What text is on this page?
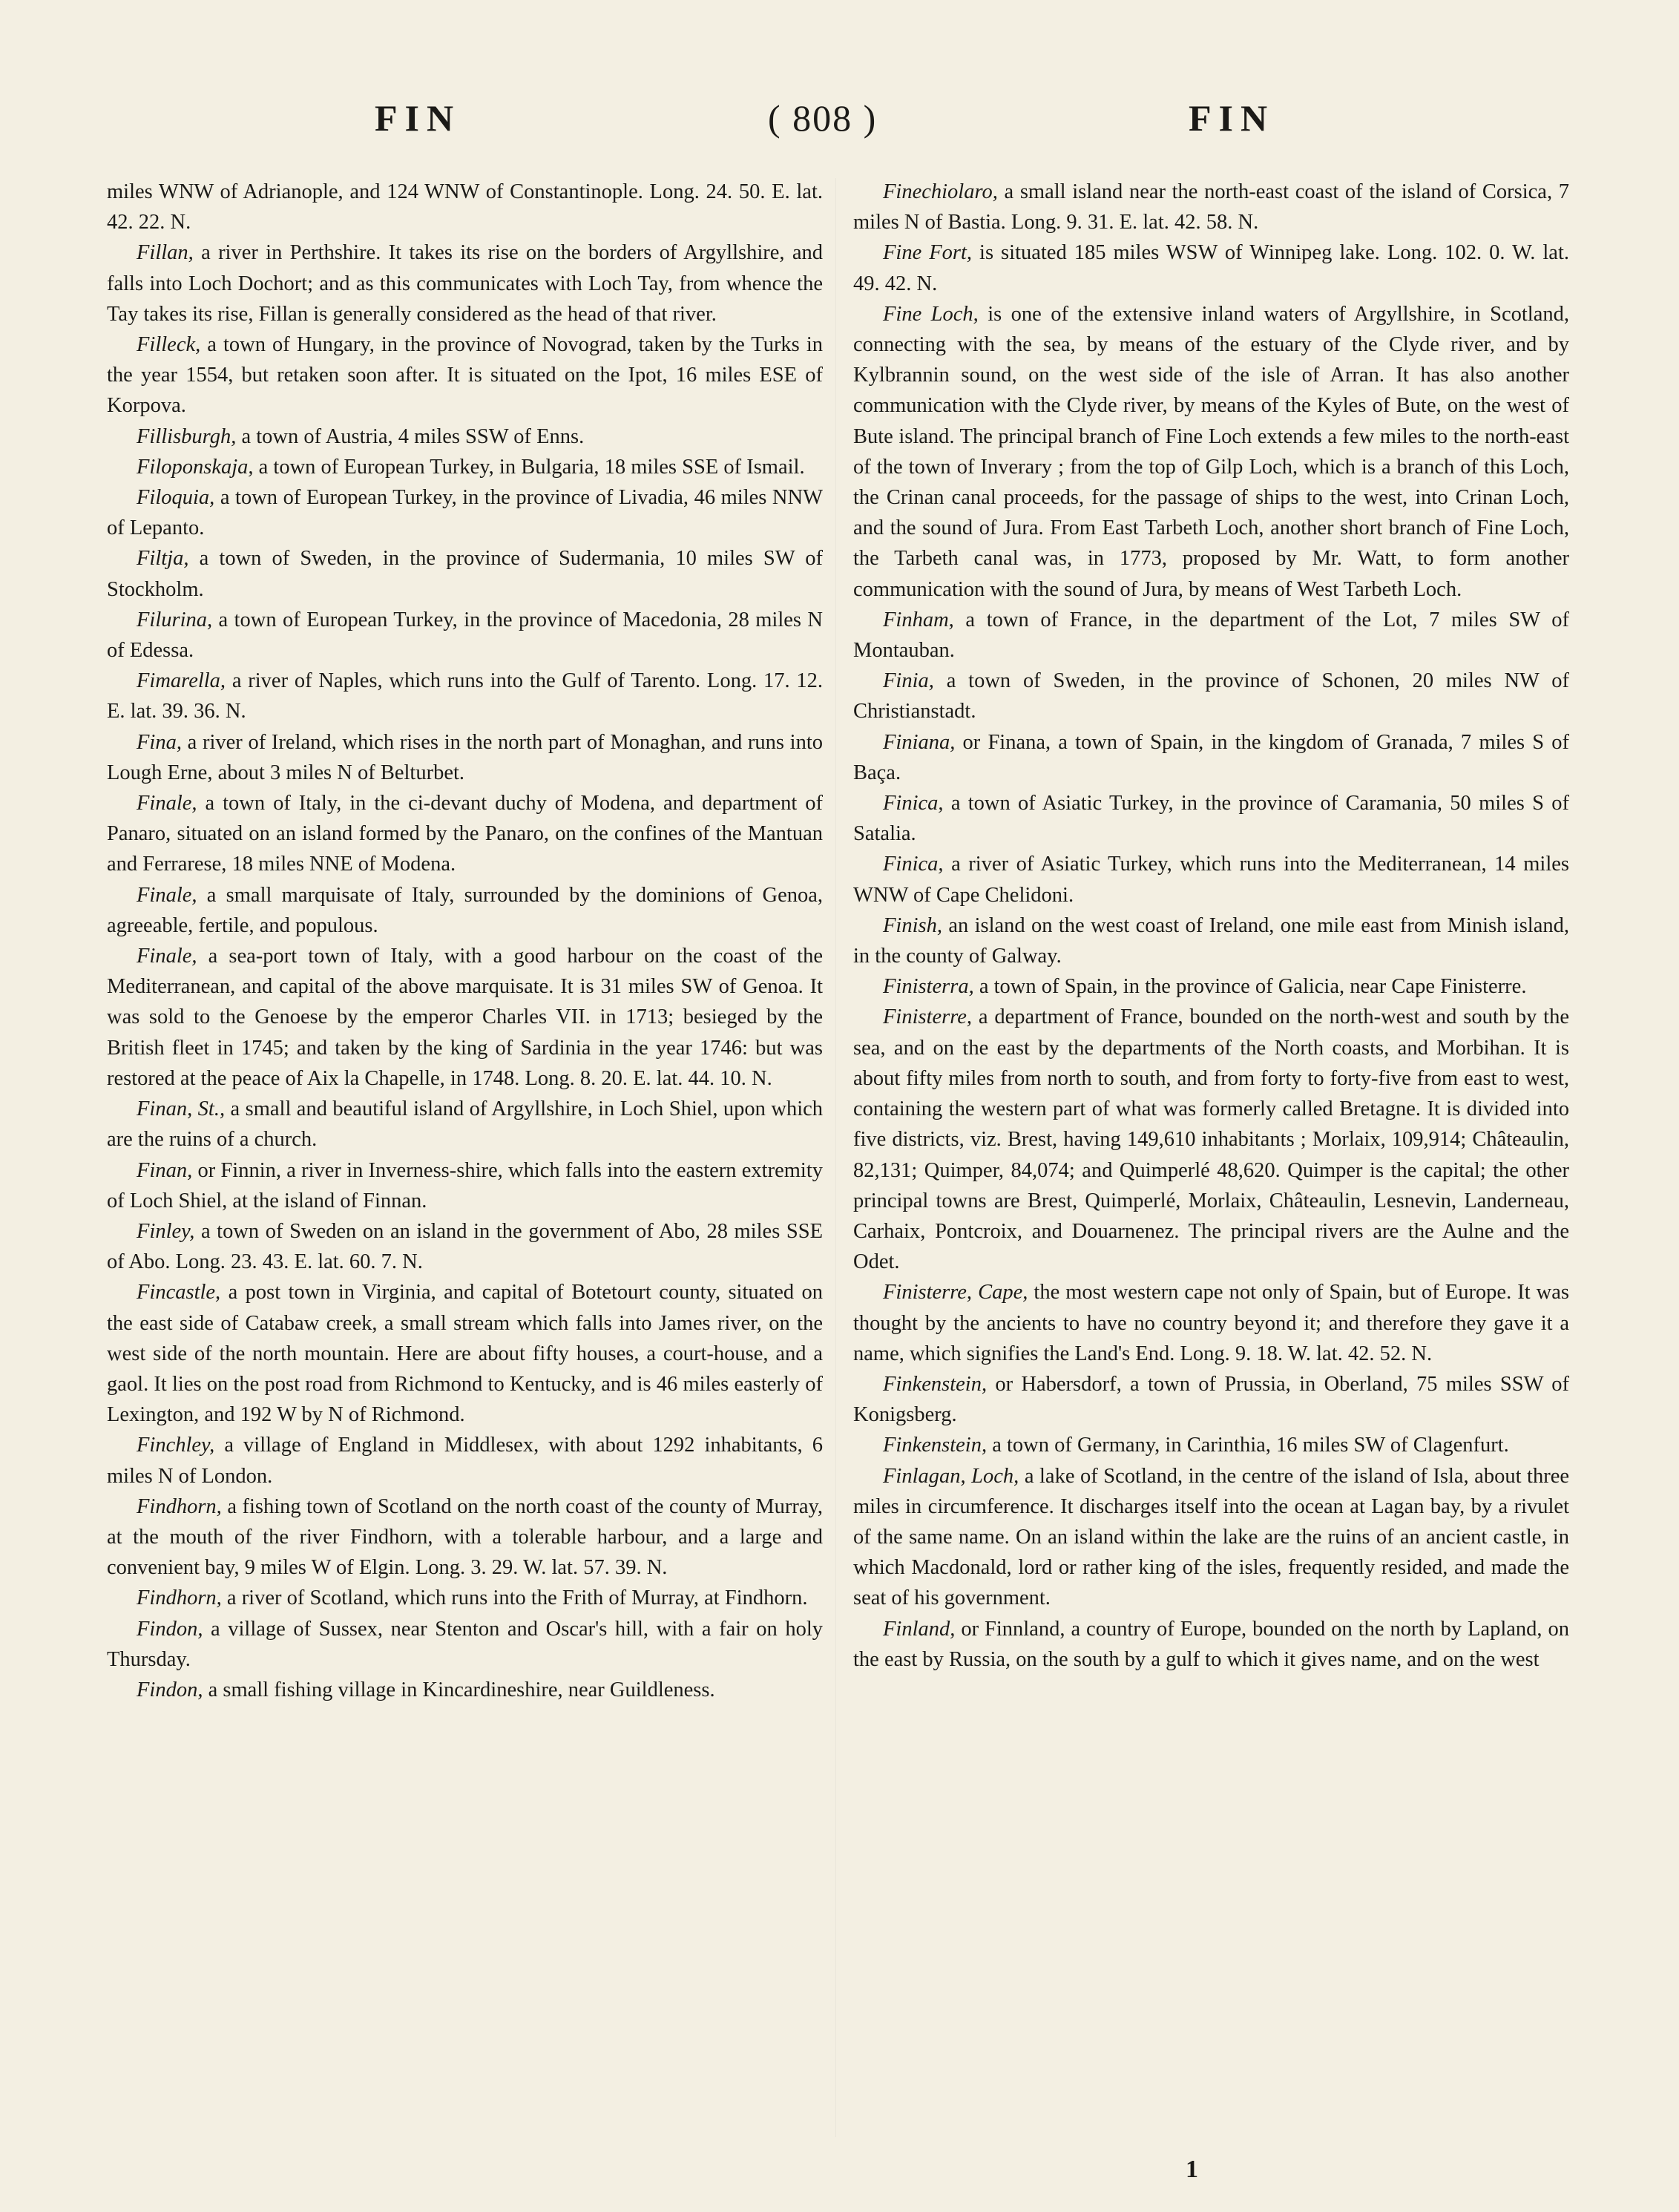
FIN	( 808 )	FIN

miles WNW of Adrianople, and 124 WNW of Constantinople. Long. 24. 50. E. lat. 42. 22. N.

Fillan, a river in Perthshire. It takes its rise on the borders of Argyllshire, and falls into Loch Dochort; and as this communicates with Loch Tay, from whence the Tay takes its rise, Fillan is generally considered as the head of that river.

Filleck, a town of Hungary, in the province of Novograd, taken by the Turks in the year 1554, but retaken soon after. It is situated on the Ipot, 16 miles ESE of Korpova.

Fillisburgh, a town of Austria, 4 miles SSW of Enns.

Filoponskaja, a town of European Turkey, in Bulgaria, 18 miles SSE of Ismail.

Filoquia, a town of European Turkey, in the province of Livadia, 46 miles NNW of Lepanto.

Filtja, a town of Sweden, in the province of Sudermania, 10 miles SW of Stockholm.

Filurina, a town of European Turkey, in the province of Macedonia, 28 miles N of Edessa.

Fimarella, a river of Naples, which runs into the Gulf of Tarento. Long. 17. 12. E. lat. 39. 36. N.

Fina, a river of Ireland, which rises in the north part of Monaghan, and runs into Lough Erne, about 3 miles N of Belturbet.

Finale, a town of Italy, in the ci-devant duchy of Modena, and department of Panaro, situated on an island formed by the Panaro, on the confines of the Mantuan and Ferrarese, 18 miles NNE of Modena.

Finale, a small marquisate of Italy, surrounded by the dominions of Genoa, agreeable, fertile, and populous.

Finale, a sea-port town of Italy, with a good harbour on the coast of the Mediterranean, and capital of the above marquisate. It is 31 miles SW of Genoa. It was sold to the Genoese by the emperor Charles VII. in 1713; besieged by the British fleet in 1745; and taken by the king of Sardinia in the year 1746: but was restored at the peace of Aix la Chapelle, in 1748. Long. 8. 20. E. lat. 44. 10. N.

Finan, St., a small and beautiful island of Argyllshire, in Loch Shiel, upon which are the ruins of a church.

Finan, or Finnin, a river in Inverness-shire, which falls into the eastern extremity of Loch Shiel, at the island of Finnan.

Finley, a town of Sweden on an island in the government of Abo, 28 miles SSE of Abo. Long. 23. 43. E. lat. 60. 7. N.

Fincastle, a post town in Virginia, and capital of Botetourt county, situated on the east side of Catabaw creek, a small stream which falls into James river, on the west side of the north mountain. Here are about fifty houses, a court-house, and a gaol. It lies on the post road from Richmond to Kentucky, and is 46 miles easterly of Lexington, and 192 W by N of Richmond.

Finchley, a village of England in Middlesex, with about 1292 inhabitants, 6 miles N of London.

Findhorn, a fishing town of Scotland on the north coast of the county of Murray, at the mouth of the river Findhorn, with a tolerable harbour, and a large and convenient bay, 9 miles W of Elgin. Long. 3. 29. W. lat. 57. 39. N.

Findhorn, a river of Scotland, which runs into the Frith of Murray, at Findhorn.

Findon, a village of Sussex, near Stenton and Oscar's hill, with a fair on holy Thursday.

Findon, a small fishing village in Kincardineshire, near Guildleness.

Finechiolaro, a small island near the north-east coast of the island of Corsica, 7 miles N of Bastia. Long. 9. 31. E. lat. 42. 58. N.

Fine Fort, is situated 185 miles WSW of Winnipeg lake. Long. 102. 0. W. lat. 49. 42. N.

Fine Loch, is one of the extensive inland waters of Argyllshire, in Scotland, connecting with the sea, by means of the estuary of the Clyde river, and by Kylbrannin sound, on the west side of the isle of Arran. It has also another communication with the Clyde river, by means of the Kyles of Bute, on the west of Bute island. The principal branch of Fine Loch extends a few miles to the north-east of the town of Inverary ; from the top of Gilp Loch, which is a branch of this Loch, the Crinan canal proceeds, for the passage of ships to the west, into Crinan Loch, and the sound of Jura. From East Tarbeth Loch, another short branch of Fine Loch, the Tarbeth canal was, in 1773, proposed by Mr. Watt, to form another communication with the sound of Jura, by means of West Tarbeth Loch.

Finham, a town of France, in the department of the Lot, 7 miles SW of Montauban.

Finia, a town of Sweden, in the province of Schonen, 20 miles NW of Christianstadt.

Finiana, or Finana, a town of Spain, in the kingdom of Granada, 7 miles S of Baça.

Finica, a town of Asiatic Turkey, in the province of Caramania, 50 miles S of Satalia.

Finica, a river of Asiatic Turkey, which runs into the Mediterranean, 14 miles WNW of Cape Chelidoni.

Finish, an island on the west coast of Ireland, one mile east from Minish island, in the county of Galway.

Finisterra, a town of Spain, in the province of Galicia, near Cape Finisterre.

Finisterre, a department of France, bounded on the north-west and south by the sea, and on the east by the departments of the North coasts, and Morbihan. It is about fifty miles from north to south, and from forty to forty-five from east to west, containing the western part of what was formerly called Bretagne. It is divided into five districts, viz. Brest, having 149,610 inhabitants ; Morlaix, 109,914; Châteaulin, 82,131; Quimper, 84,074; and Quimperlé 48,620. Quimper is the capital; the other principal towns are Brest, Quimperlé, Morlaix, Châteaulin, Lesnevin, Landerneau, Carhaix, Pontcroix, and Douarnenez. The principal rivers are the Aulne and the Odet.

Finisterre, Cape, the most western cape not only of Spain, but of Europe. It was thought by the ancients to have no country beyond it; and therefore they gave it a name, which signifies the Land's End. Long. 9. 18. W. lat. 42. 52. N.

Finkenstein, or Habersdorf, a town of Prussia, in Oberland, 75 miles SSW of Konigsberg.

Finkenstein, a town of Germany, in Carinthia, 16 miles SW of Clagenfurt.

Finlagan, Loch, a lake of Scotland, in the centre of the island of Isla, about three miles in circumference. It discharges itself into the ocean at Lagan bay, by a rivulet of the same name. On an island within the lake are the ruins of an ancient castle, in which Macdonald, lord or rather king of the isles, frequently resided, and made the seat of his government.

Finland, or Finnland, a country of Europe, bounded on the north by Lapland, on the east by Russia, on the south by a gulf to which it gives name, and on the west

1
